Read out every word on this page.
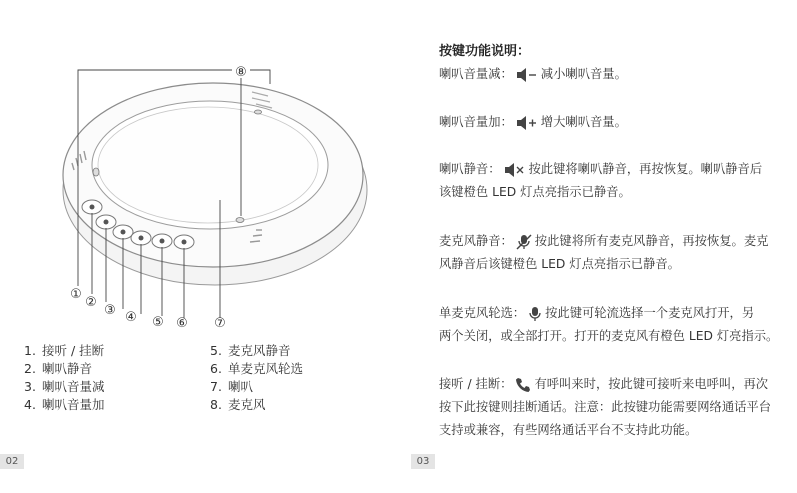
⑧
①
②
③ ④ ⑤ ⑥ ⑦
1. 接听 / 挂断
2. 喇叭静音
3. 喇叭音量减
4. 喇叭音量加
5. 麦克风静音
6. 单麦克风轮选
7. 喇叭
8. 麦克风
02
按键功能说明：
喇叭音量减： 减小喇叭音量。
喇叭音量加： 增大喇叭音量。
喇叭静音： 按此键将喇叭静音，再按恢复。喇叭静音后
该键橙色 LED 灯点亮指示已静音。
麦克风静音： 按此键将所有麦克风静音，再按恢复。麦克
风静音后该键橙色 LED 灯点亮指示已静音。
单麦克风轮选： 按此键可轮流选择一个麦克风打开，另
两个关闭，或全部打开。打开的麦克风有橙色 LED 灯亮指示。
接听 / 挂断： 有呼叫来时，按此键可接听来电呼叫，再次
按下此按键则挂断通话。注意：此按键功能需要网络通话平台
支持或兼容，有些网络通话平台不支持此功能。
03
